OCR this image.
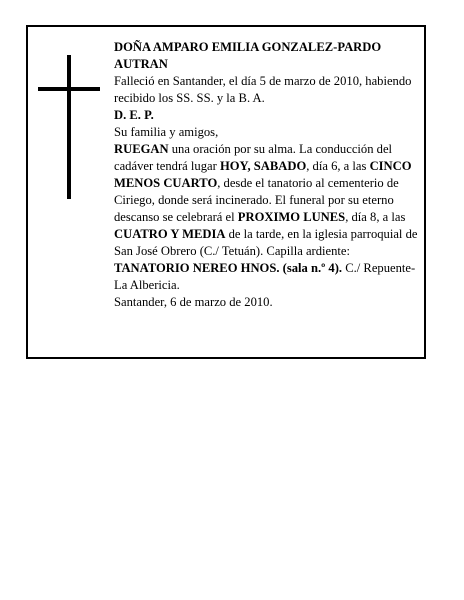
DOÑA AMPARO EMILIA GONZALEZ-PARDO AUTRAN

Falleció en Santander, el día 5 de marzo de 2010, habiendo recibido los SS. SS. y la B. A.

D. E. P.

Su familia y amigos,

RUEGAN una oración por su alma. La conducción del cadáver tendrá lugar HOY, SABADO, día 6, a las CINCO MENOS CUARTO, desde el tanatorio al cementerio de Ciriego, donde será incinerado. El funeral por su eterno descanso se celebrará el PROXIMO LUNES, día 8, a las CUATRO Y MEDIA de la tarde, en la iglesia parroquial de San José Obrero (C./ Tetuán). Capilla ardiente: TANATORIO NEREO HNOS. (sala n.º 4). C./ Repuente-La Albericia.

Santander, 6 de marzo de 2010.
